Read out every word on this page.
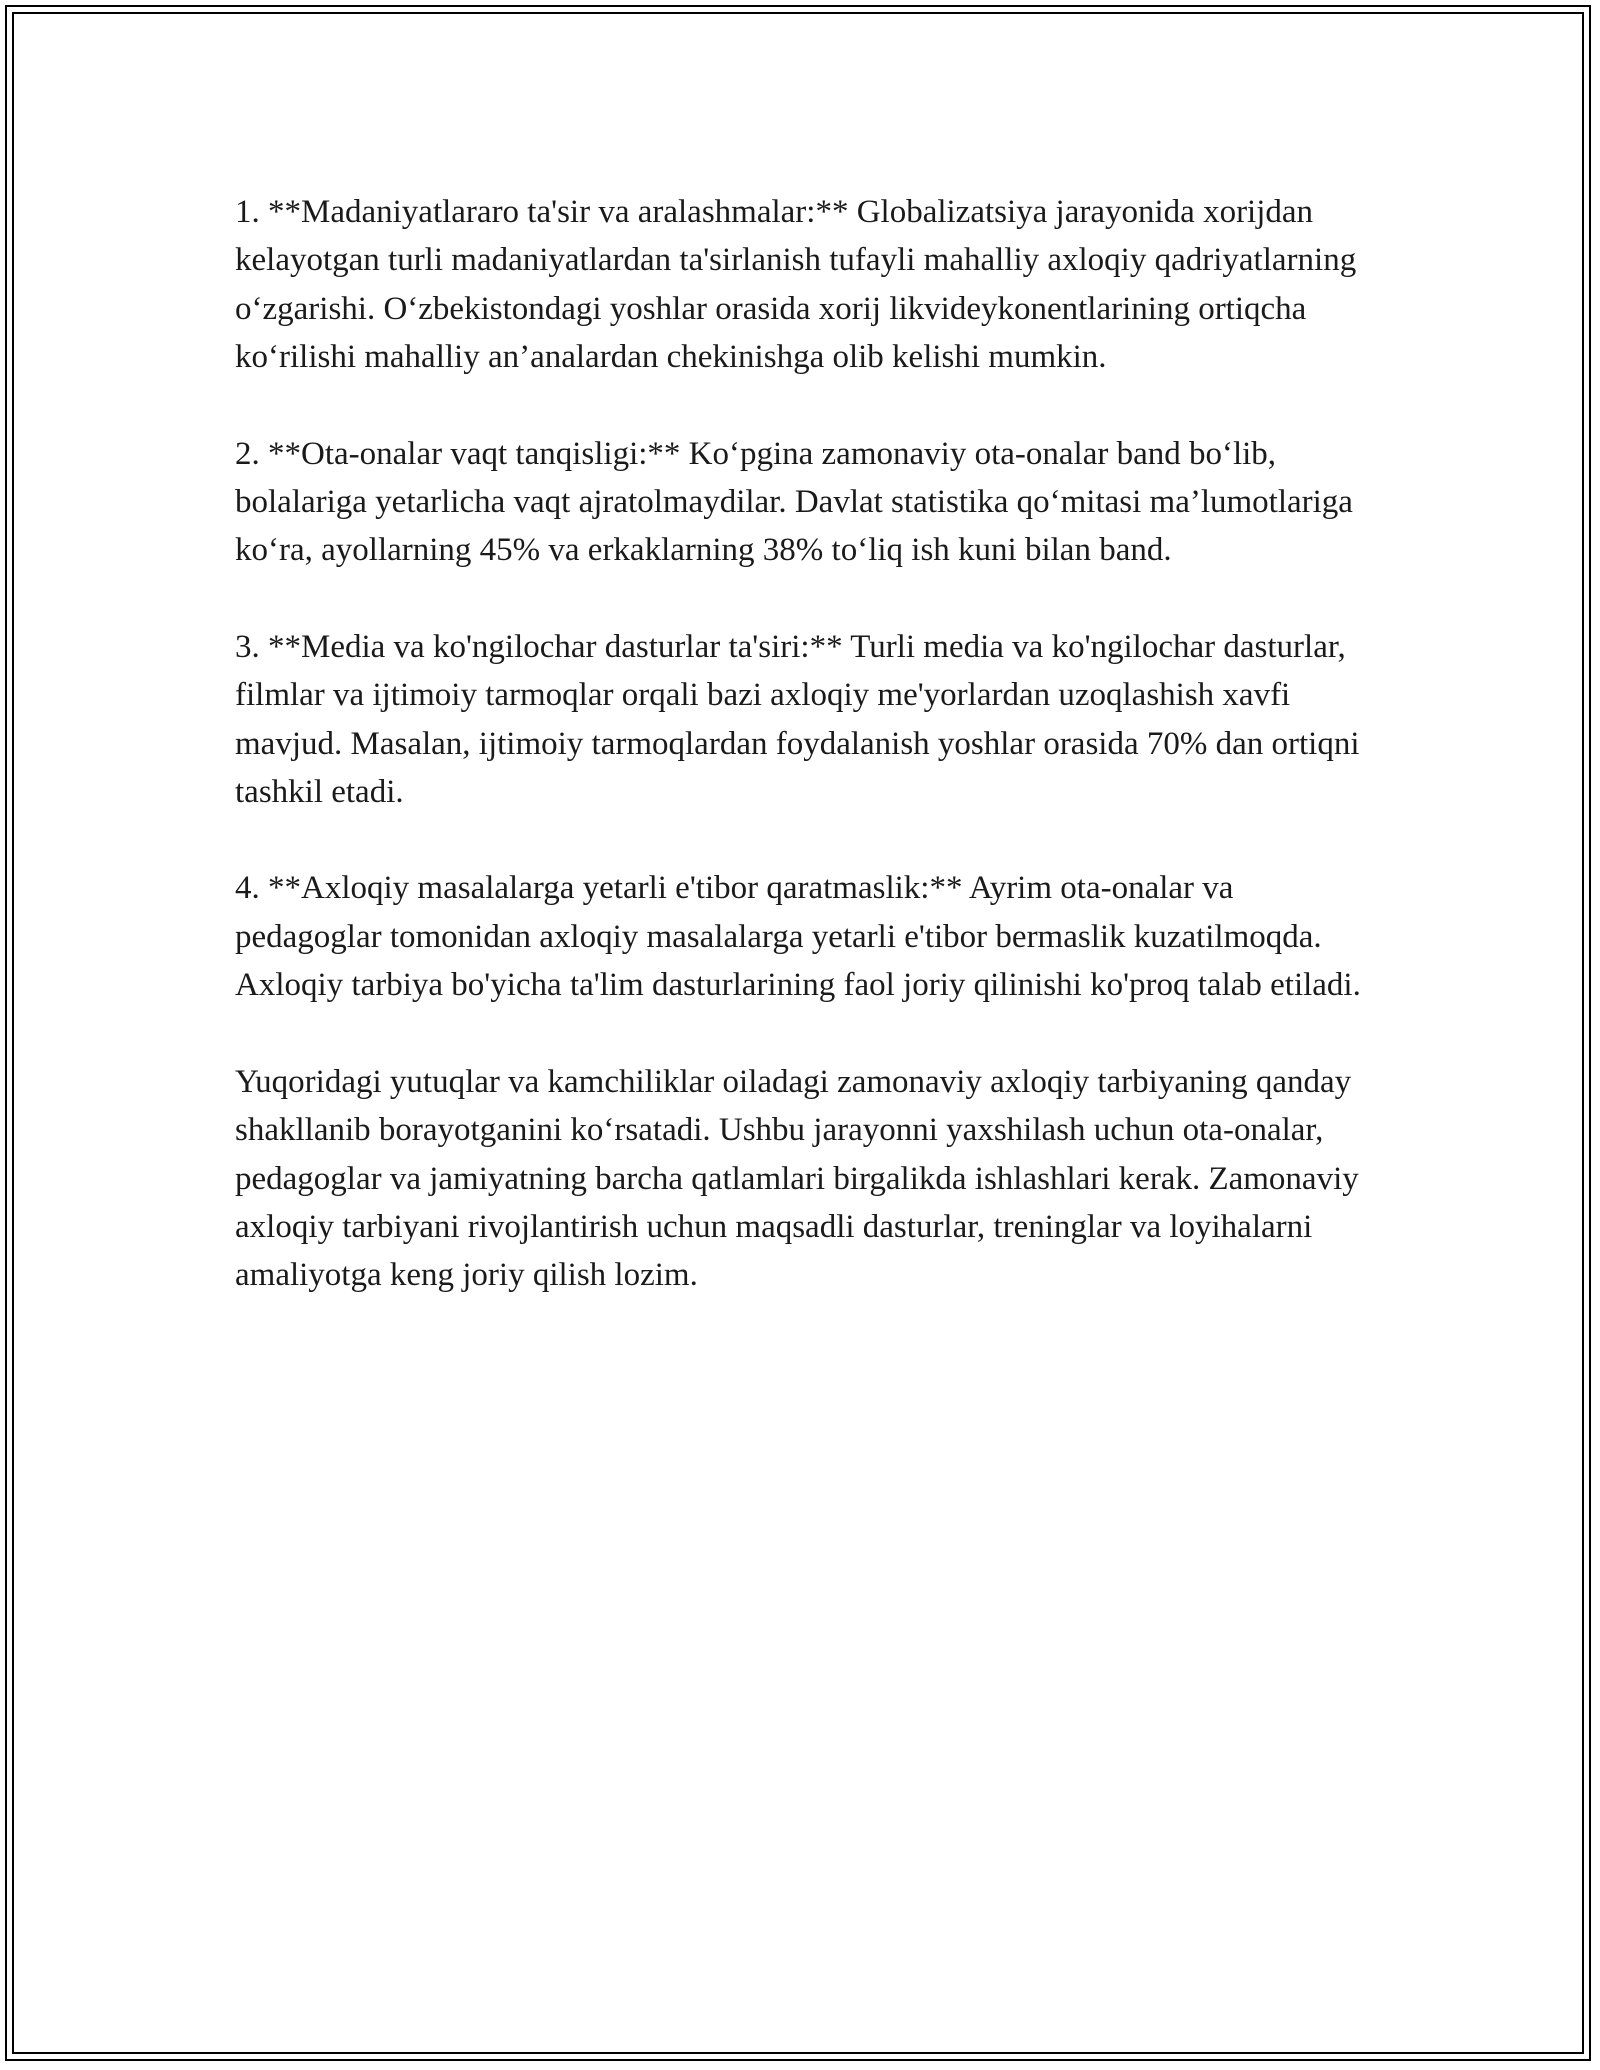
1. **Madaniyatlararo ta'sir va aralashmalar:** Globalizatsiya jarayonida xorijdan kelayotgan turli madaniyatlardan ta'sirlanish tufayli mahalliy axloqiy qadriyatlarning o‘zgarishi. O‘zbekistondagi yoshlar orasida xorij likvideykonentlarining ortiqcha ko‘rilishi mahalliy an’analardan chekinishga olib kelishi mumkin.

2. **Ota-onalar vaqt tanqisligi:** Ko‘pgina zamonaviy ota-onalar band bo‘lib, bolalariga yetarlicha vaqt ajratolmaydilar. Davlat statistika qo‘mitasi ma’lumotlariga ko‘ra, ayollarning 45% va erkaklarning 38% to‘liq ish kuni bilan band.

3. **Media va ko'ngilochar dasturlar ta'siri:** Turli media va ko'ngilochar dasturlar, filmlar va ijtimoiy tarmoqlar orqali bazi axloqiy me'yorlardan uzoqlashish xavfi mavjud. Masalan, ijtimoiy tarmoqlardan foydalanish yoshlar orasida 70% dan ortiqni tashkil etadi.

4. **Axloqiy masalalarga yetarli e'tibor qaratmaslik:** Ayrim ota-onalar va pedagoglar tomonidan axloqiy masalalarga yetarli e'tibor bermaslik kuzatilmoqda. Axloqiy tarbiya bo'yicha ta'lim dasturlarining faol joriy qilinishi ko'proq talab etiladi.

Yuqoridagi yutuqlar va kamchiliklar oiladagi zamonaviy axloqiy tarbiyaning qanday shakllanib borayotganini ko‘rsatadi. Ushbu jarayonni yaxshilash uchun ota-onalar, pedagoglar va jamiyatning barcha qatlamlari birgalikda ishlashlari kerak. Zamonaviy axloqiy tarbiyani rivojlantirish uchun maqsadli dasturlar, treninglar va loyihalarni amaliyotga keng joriy qilish lozim.
